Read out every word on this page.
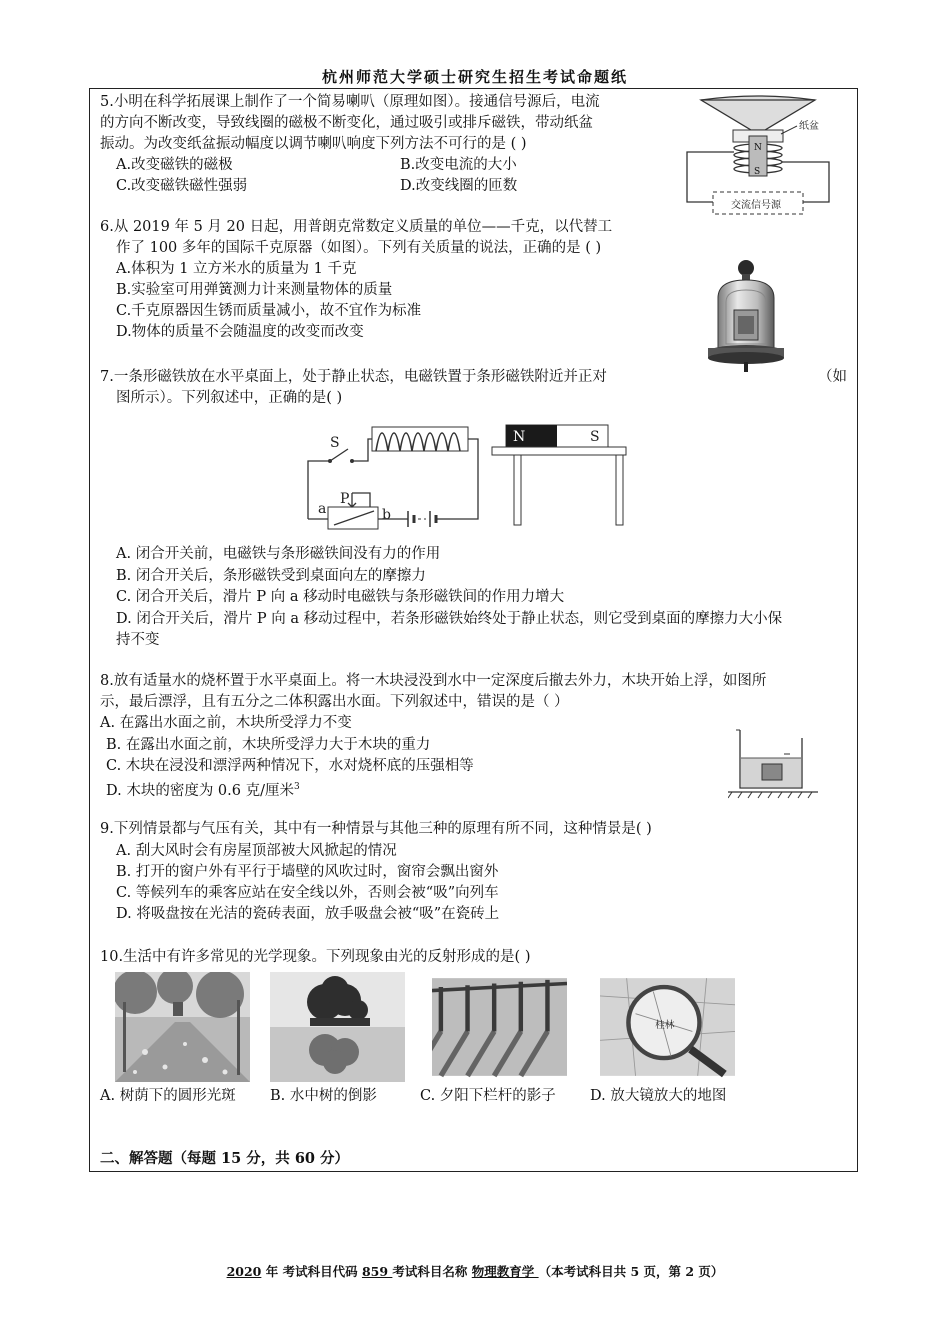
杭州师范大学硕士研究生招生考试命题纸
5.小明在科学拓展课上制作了一个简易喇叭（原理如图）。接通信号源后，电流
的方向不断改变，导致线圈的磁极不断变化，通过吸引或排斥磁铁，带动纸盆
振动。为改变纸盆振动幅度以调节喇叭响度下列方法不可行的是 ( )
A.改变磁铁的磁极	B.改变电流的大小
C.改变磁铁磁性强弱	D.改变线圈的匝数
N
S
纸盆
交流信号源
6.从 2019 年 5 月 20 日起，用普朗克常数定义质量的单位——千克，以代替工
作了 100 多年的国际千克原器（如图）。下列有关质量的说法，正确的是 ( )
A.体积为 1 立方米水的质量为 1 千克
B.实验室可用弹簧测力计来测量物体的质量
C.千克原器因生锈而质量减小，故不宜作为标准
D.物体的质量不会随温度的改变而改变
7.一条形磁铁放在水平桌面上，处于静止状态，电磁铁置于条形磁铁附近并正对	（如
图所示）。下列叙述中，正确的是( )
S
a
P
b
N	S
A. 闭合开关前，电磁铁与条形磁铁间没有力的作用
B. 闭合开关后，条形磁铁受到桌面向左的摩擦力
C. 闭合开关后，滑片 P 向 a 移动时电磁铁与条形磁铁间的作用力增大
D. 闭合开关后，滑片 P 向 a 移动过程中，若条形磁铁始终处于静止状态，则它受到桌面的摩擦力大小保
持不变
8.放有适量水的烧杯置于水平桌面上。将一木块浸没到水中一定深度后撤去外力，木块开始上浮，如图所
示，最后漂浮，且有五分之二体积露出水面。下列叙述中，错误的是（ ）
A. 在露出水面之前，木块所受浮力不变
B. 在露出水面之前，木块所受浮力大于木块的重力
C. 木块在浸没和漂浮两种情况下，水对烧杯底的压强相等
D. 木块的密度为 0.6 克/厘米$^3$
9.下列情景都与气压有关，其中有一种情景与其他三种的原理有所不同，这种情景是( )
A. 刮大风时会有房屋顶部被大风掀起的情况
B. 打开的窗户外有平行于墙壁的风吹过时，窗帘会飘出窗外
C. 等候列车的乘客应站在安全线以外，否则会被“吸”向列车
D. 将吸盘按在光洁的瓷砖表面，放手吸盘会被“吸”在瓷砖上
10.生活中有许多常见的光学现象。下列现象由光的反射形成的是( )
桂林
A. 树荫下的圆形光斑 B. 水中树的倒影	C. 夕阳下栏杆的影子 D. 放大镜放大的地图
二、解答题（每题 15 分，共 60 分）
2020 年 考试科目代码 859 考试科目名称 物理教育学 （本考试科目共 5 页，第 2 页）
